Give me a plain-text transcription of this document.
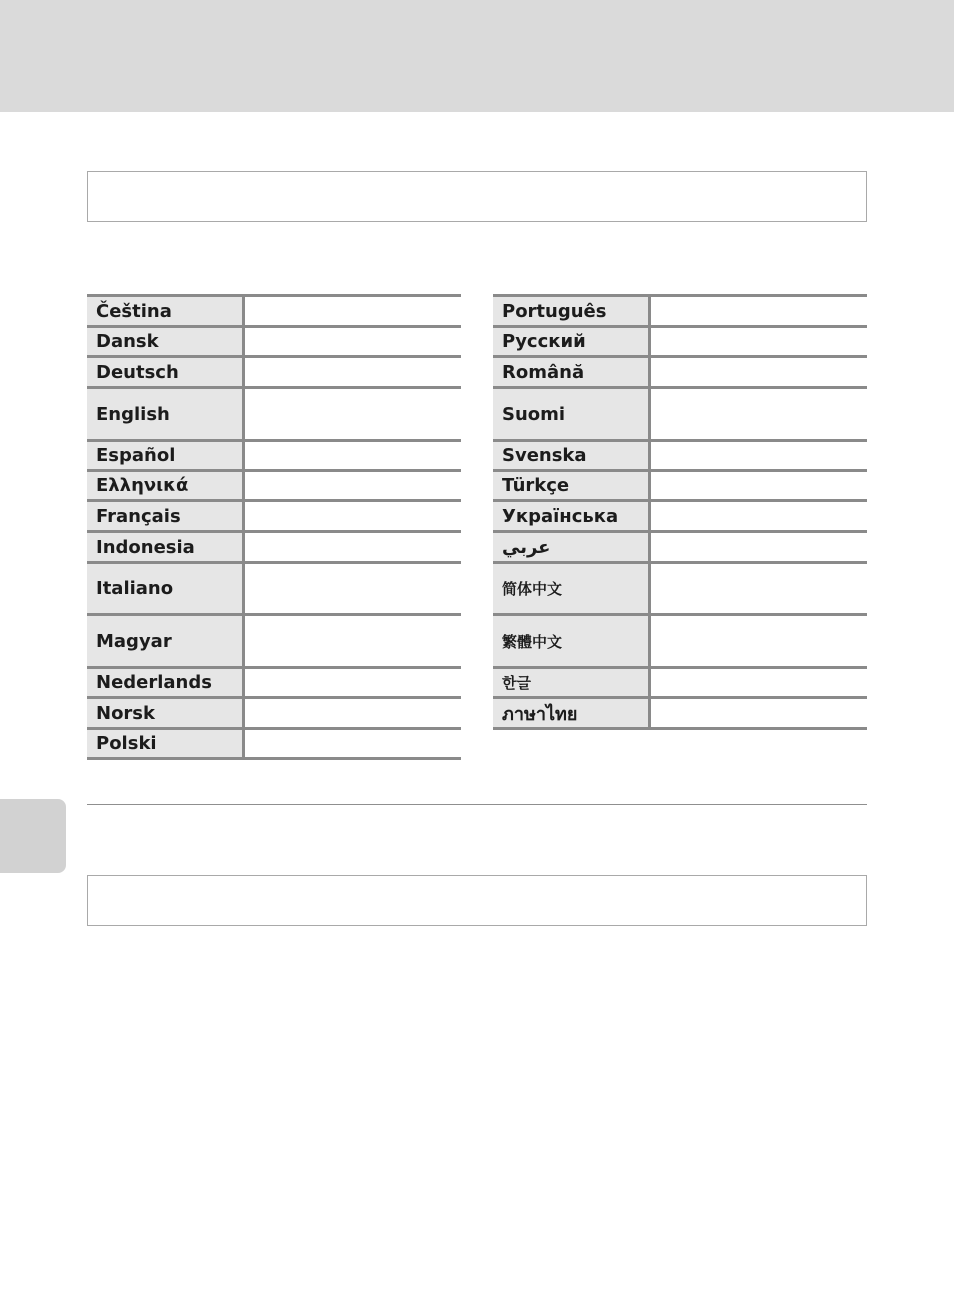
Čeština
Dansk
Deutsch
English
Español
Ελληνικά
Français
Indonesia
Italiano
Magyar
Nederlands
Norsk
Polski
Português
Русский
Română
Suomi
Svenska
Türkçe
Українська
عربي
简体中文
繁體中文
한글
ภาษาไทย
